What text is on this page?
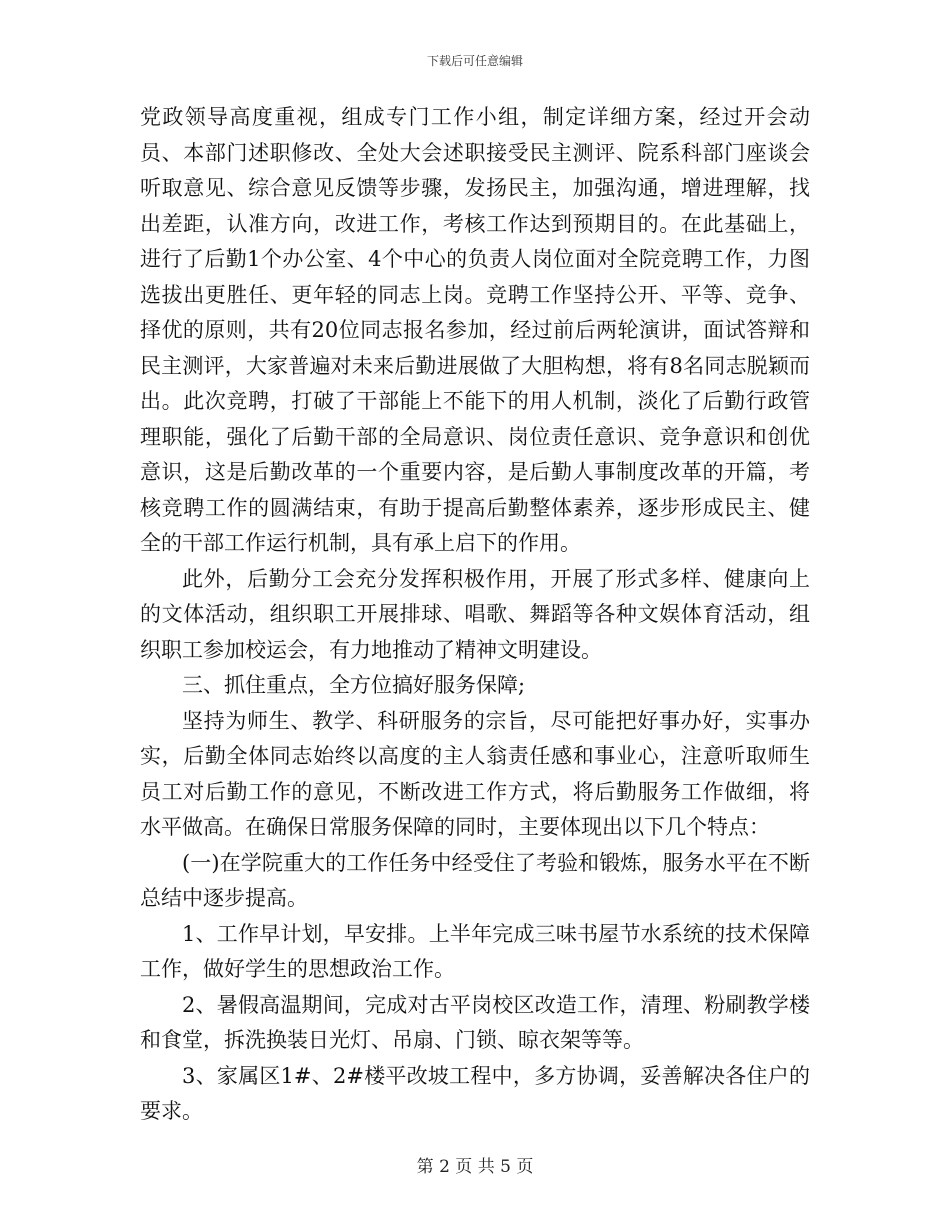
下载后可任意编辑

党政领导高度重视，组成专门工作小组，制定详细方案，经过开会动员、本部门述职修改、全处大会述职接受民主测评、院系科部门座谈会听取意见、综合意见反馈等步骤，发扬民主，加强沟通，增进理解，找出差距，认准方向，改进工作，考核工作达到预期目的。在此基础上，进行了后勤1个办公室、4个中心的负责人岗位面对全院竞聘工作，力图选拔出更胜任、更年轻的同志上岗。竞聘工作坚持公开、平等、竞争、择优的原则，共有20位同志报名参加，经过前后两轮演讲，面试答辩和民主测评，大家普遍对未来后勤进展做了大胆构想，将有8名同志脱颖而出。此次竞聘，打破了干部能上不能下的用人机制，淡化了后勤行政管理职能，强化了后勤干部的全局意识、岗位责任意识、竞争意识和创优意识，这是后勤改革的一个重要内容，是后勤人事制度改革的开篇，考核竞聘工作的圆满结束，有助于提高后勤整体素养，逐步形成民主、健全的干部工作运行机制，具有承上启下的作用。

此外，后勤分工会充分发挥积极作用，开展了形式多样、健康向上的文体活动，组织职工开展排球、唱歌、舞蹈等各种文娱体育活动，组织职工参加校运会，有力地推动了精神文明建设。

三、抓住重点，全方位搞好服务保障;

坚持为师生、教学、科研服务的宗旨，尽可能把好事办好，实事办实，后勤全体同志始终以高度的主人翁责任感和事业心，注意听取师生员工对后勤工作的意见，不断改进工作方式，将后勤服务工作做细，将水平做高。在确保日常服务保障的同时，主要体现出以下几个特点：

(一)在学院重大的工作任务中经受住了考验和锻炼，服务水平在不断总结中逐步提高。

1、工作早计划，早安排。上半年完成三味书屋节水系统的技术保障工作，做好学生的思想政治工作。

2、暑假高温期间，完成对古平岗校区改造工作，清理、粉刷教学楼和食堂，拆洗换装日光灯、吊扇、门锁、晾衣架等等。

3、家属区1#、2#楼平改坡工程中，多方协调，妥善解决各住户的要求。

第 2 页 共 5 页
